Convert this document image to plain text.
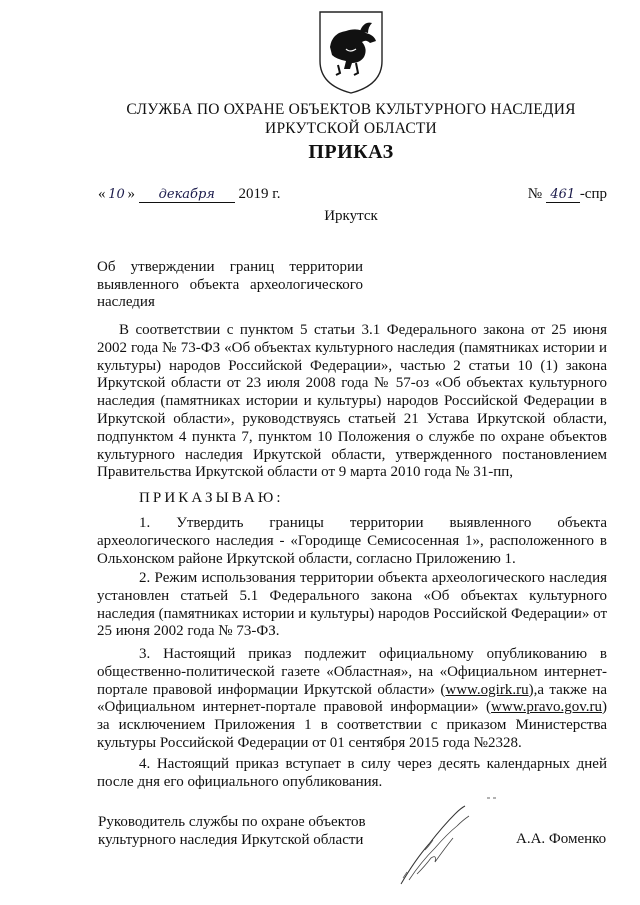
СЛУЖБА ПО ОХРАНЕ ОБЪЕКТОВ КУЛЬТУРНОГО НАСЛЕДИЯ
ИРКУТСКОЙ ОБЛАСТИ
ПРИКАЗ
« 10 » декабря 2019 г.	№ 461 -спр
Иркутск
Об утверждении границ территории выявленного объекта археологического наследия
В соответствии с пунктом 5 статьи 3.1 Федерального закона от 25 июня 2002 года № 73-ФЗ «Об объектах культурного наследия (памятниках истории и культуры) народов Российской Федерации», частью 2 статьи 10 (1) закона Иркутской области от 23 июля 2008 года № 57-оз «Об объектах культурного наследия (памятниках истории и культуры) народов Российской Федерации в Иркутской области», руководствуясь статьей 21 Устава Иркутской области, подпунктом 4 пункта 7, пунктом 10 Положения о службе по охране объектов культурного наследия Иркутской области, утвержденного постановлением Правительства Иркутской области от 9 марта 2010 года № 31-пп,
ПРИКАЗЫВАЮ:
1. Утвердить границы территории выявленного объекта археологического наследия - «Городище Семисосенная 1», расположенного в Ольхонском районе Иркутской области, согласно Приложению 1.
2. Режим использования территории объекта археологического наследия установлен статьей 5.1 Федерального закона «Об объектах культурного наследия (памятниках истории и культуры) народов Российской Федерации» от 25 июня 2002 года № 73-ФЗ.
3. Настоящий приказ подлежит официальному опубликованию в общественно-политической газете «Областная», на «Официальном интернет-портале правовой информации Иркутской области» (www.ogirk.ru),а также на «Официальном интернет-портале правовой информации» (www.pravo.gov.ru) за исключением Приложения 1 в соответствии с приказом Министерства культуры Российской Федерации от 01 сентября 2015 года №2328.
4. Настоящий приказ вступает в силу через десять календарных дней после дня его официального опубликования.
Руководитель службы по охране объектов
культурного наследия Иркутской области	А.А. Фоменко
